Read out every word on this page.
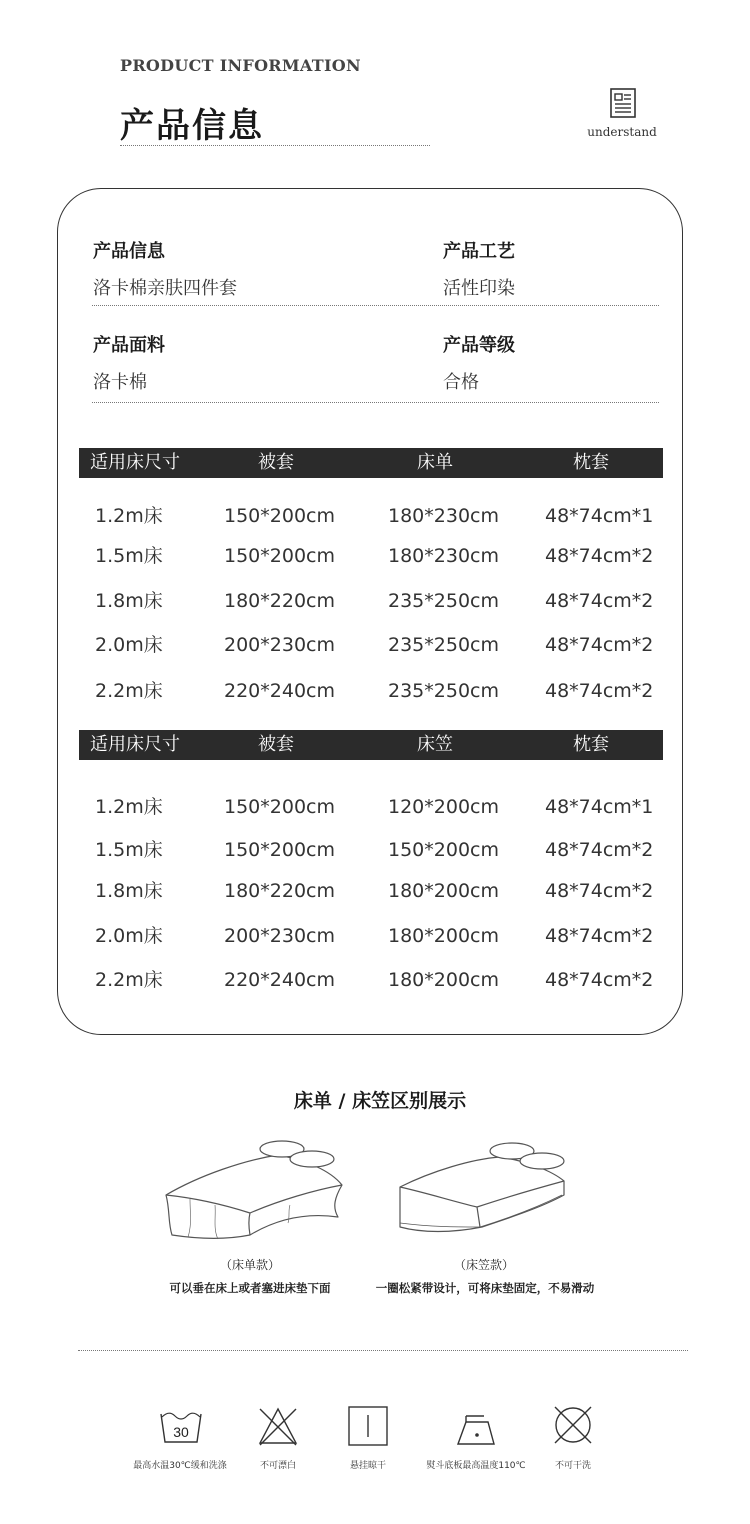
PRODUCT INFORMATION
产品信息	understand
产品信息
洛卡棉亲肤四件套
产品工艺
活性印染
产品面料
洛卡棉
产品等级
合格
适用床尺寸	被套	床单	枕套
1.2m床	150*200cm	180*230cm 48*74cm*1
1.5m床	150*200cm	180*230cm 48*74cm*2
1.8m床	180*220cm	235*250cm 48*74cm*2
2.0m床	200*230cm	235*250cm 48*74cm*2
2.2m床	220*240cm	235*250cm 48*74cm*2
适用床尺寸	被套	床笠	枕套
1.2m床	150*200cm	120*200cm 48*74cm*1
1.5m床	150*200cm	150*200cm 48*74cm*2
1.8m床	180*220cm	180*200cm 48*74cm*2
2.0m床	200*230cm	180*200cm 48*74cm*2
2.2m床	220*240cm	180*200cm 48*74cm*2
床单 / 床笠区别展示
（床单款）
可以垂在床上或者塞进床垫下面
（床笠款）
一圈松紧带设计，可将床垫固定，不易滑动
30
最高水温30℃缓和洗涤	不可漂白	悬挂晾干	熨斗底板最高温度110℃	不可干洗
